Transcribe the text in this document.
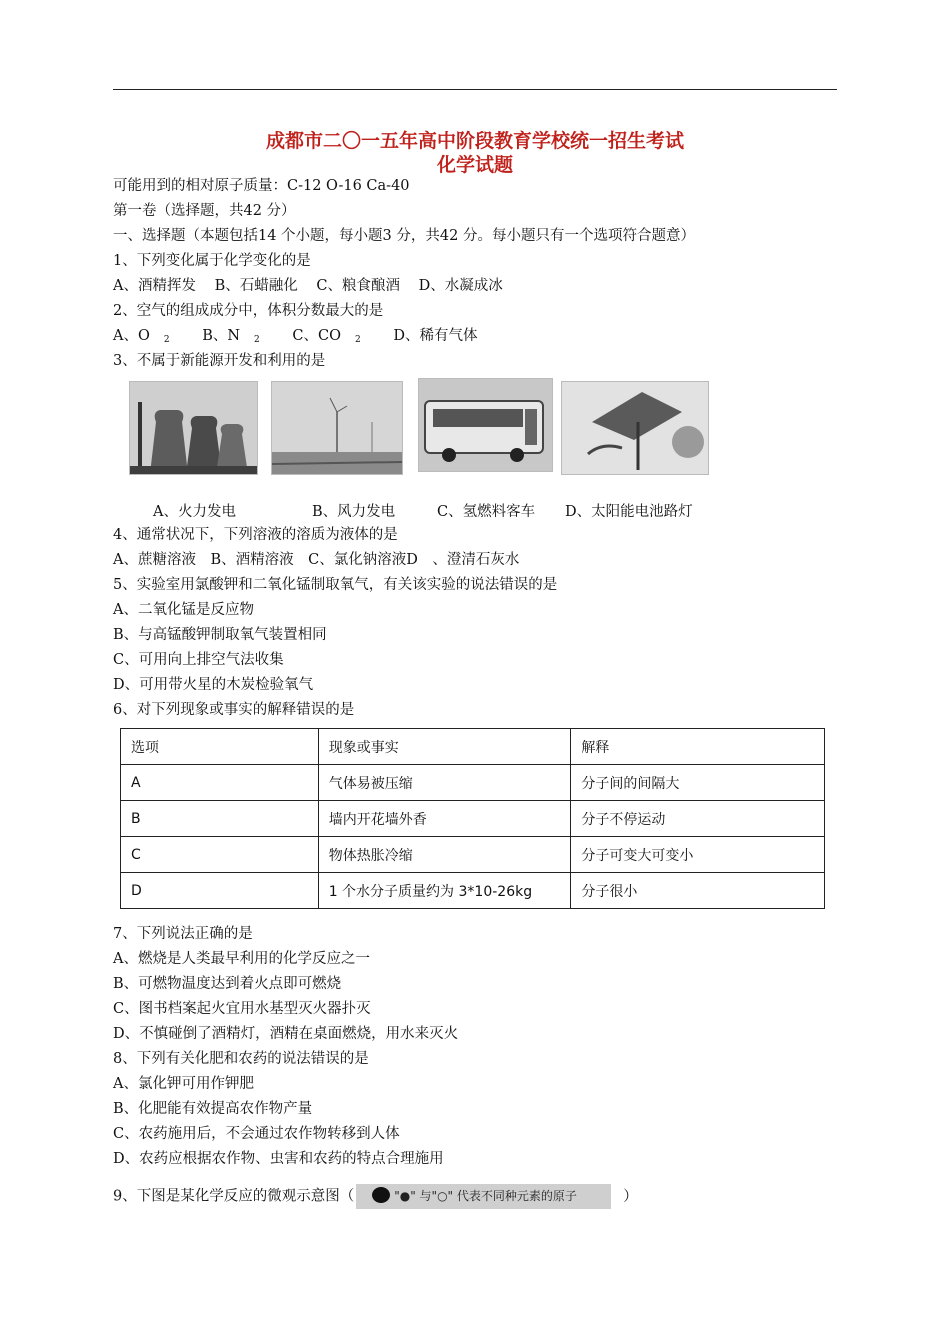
成都市二〇一五年高中阶段教育学校统一招生考试
化学试题
可能用到的相对原子质量：C-12 O-16 Ca-40
第一卷（选择题，共42 分）
一、选择题（本题包括14 个小题，每小题3 分，共42 分。每小题只有一个选项符合题意）
1、下列变化属于化学变化的是
A、酒精挥发 B、石蜡融化 C、粮食酿酒 D、水凝成冰
2、空气的组成成分中，体积分数最大的是
A、O 2 B、N 2 C、CO 2 D、稀有气体
3、不属于新能源开发和利用的是
A、火力发电	B、风力发电	C、氢燃料客车 D、太阳能电池路灯
4、通常状况下，下列溶液的溶质为液体的是
A、蔗糖溶液　B、酒精溶液　C、氯化钠溶液D　、澄清石灰水
5、实验室用氯酸钾和二氧化锰制取氧气，有关该实验的说法错误的是
A、二氧化锰是反应物
B、与高锰酸钾制取氧气装置相同
C、可用向上排空气法收集
D、可用带火星的木炭检验氧气
6、对下列现象或事实的解释错误的是
选项	现象或事实	解释
A	气体易被压缩	分子间的间隔大
B	墙内开花墙外香	分子不停运动
C	物体热胀冷缩	分子可变大可变小
D	1 个水分子质量约为 3*10-26kg	分子很小
7、下列说法正确的是
A、燃烧是人类最早利用的化学反应之一
B、可燃物温度达到着火点即可燃烧
C、图书档案起火宜用水基型灭火器扑灭
D、不慎碰倒了酒精灯，酒精在桌面燃烧，用水来灭火
8、下列有关化肥和农药的说法错误的是
A、氯化钾可用作钾肥
B、化肥能有效提高农作物产量
C、农药施用后，不会通过农作物转移到人体
D、农药应根据农作物、虫害和农药的特点合理施用
9、下图是某化学反应的微观示意图（	"●" 与"○" 代表不同种元素的原子	）
